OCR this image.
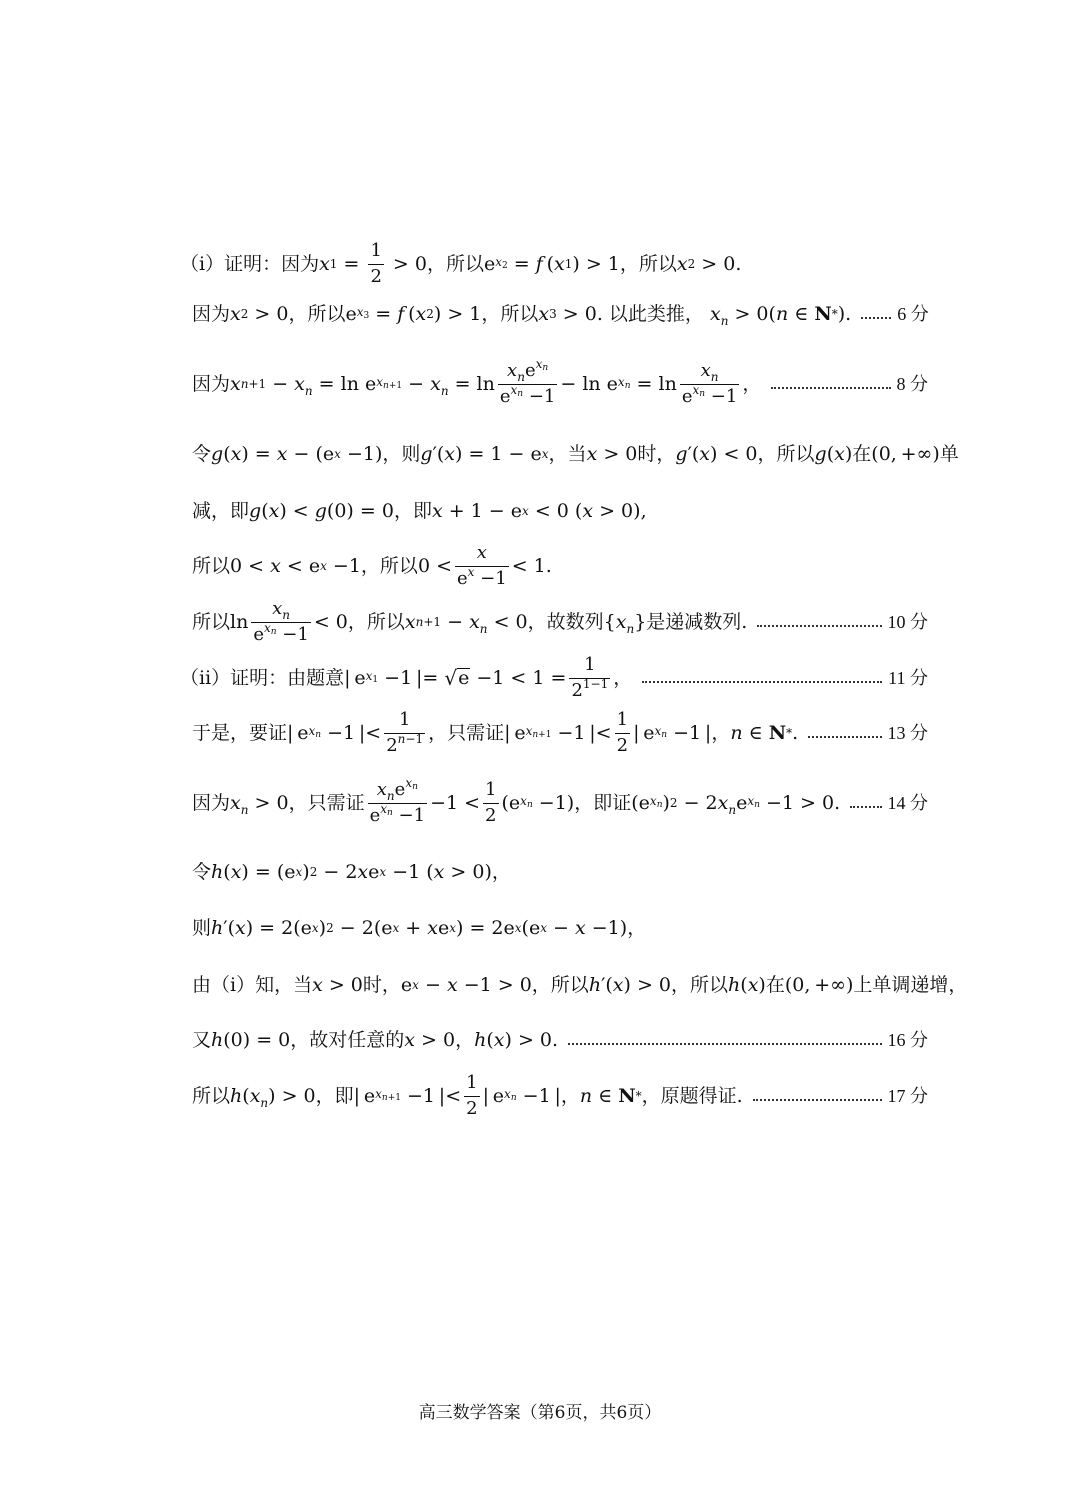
（ⅰ）证明：因为 x $1 = \frac{1}{2} > 0$ ，所以 e $x_2 = f$  ( x 1 ) > 1 ，所以 x 2 > 0 .
因为 x 2 > 0 ，所以 e $x_3 = f$  ( x 2 ) > 1 ，所以 x 3 > 0 . 以此类推，
$x_n > 0$( n ∈ N * ) .	6 分
因为 x $n+1 - x_n = \ln e$ $x_{n+1} - x_n = \ln \frac{x_ne^{x_n}}{e^{x_n} -1} - \ln e$ $x_n = \ln \frac{x_n}{e^{x_n} -1}$ ，	8 分
令 g ( x ) = x − (e x −1) ，则 g ′( x ) = 1 − e x ，当 x > 0 时， g ′( x ) < 0 ，所以 g ( x ) 在 (0, +∞) 单
减，即 g ( x ) < g (0) = 0 ，即 x + 1 − e x < 0 ( x > 0) ,
所以 0 < x < e x −1 ，所以 $0 < \frac{x}{e^x -1} < 1$ .
所以 $\ln \frac{x_n}{e^{x_n} -1} < 0$ ，所以 x $n+1 - x_n < 0$ ，故数列 { $x_n$ } 是递减数列.	10 分
（ⅱ）证明：由题意 | e $x_1 -1$ |= √ $e -1 < 1 = \frac{1}{2^{1-1}}$ ，	11 分
于是，要证 | e $x_n -1$ |< $\frac{1}{2^{n-1}}$ ，只需证 | e $x_{n+1} -1$ |< $\frac{1}{2}$ | e $x_n -1$ | ， n ∈ N * .	13 分
因为 $x_n > 0$ ，只需证 $\frac{x_ne^{x_n}}{e^{x_n} -1} -1 < \frac{1}{2} (e$ $x_n -1$) ，即证 (e $x_n$ ) 2 − 2 $x_n$ e $x_n -1 > 0$ .	14 分
令 h ( x ) = (e x ) 2 − 2 x e x −1 ( x > 0) ，
则 h ′( x ) = 2(e x ) 2 − 2(e x + x e x ) = 2e x (e x − x −1) ，
由（ⅰ）知，当 x > 0 时， e x − x −1 > 0 ，所以 h ′( x ) > 0 ，所以 h ( x ) 在 (0, +∞) 上单调递增，
又 h (0) = 0 ，故对任意的 x > 0 ， h ( x ) > 0 .	16 分
所以 h ( $x_n$ ) > 0 ，即 | e $x_{n+1} -1$ |< $\frac{1}{2}$ | e $x_n -1$ | ， n ∈ N * ，原题得证.	17 分
高三数学答案（第6页，共6页）
